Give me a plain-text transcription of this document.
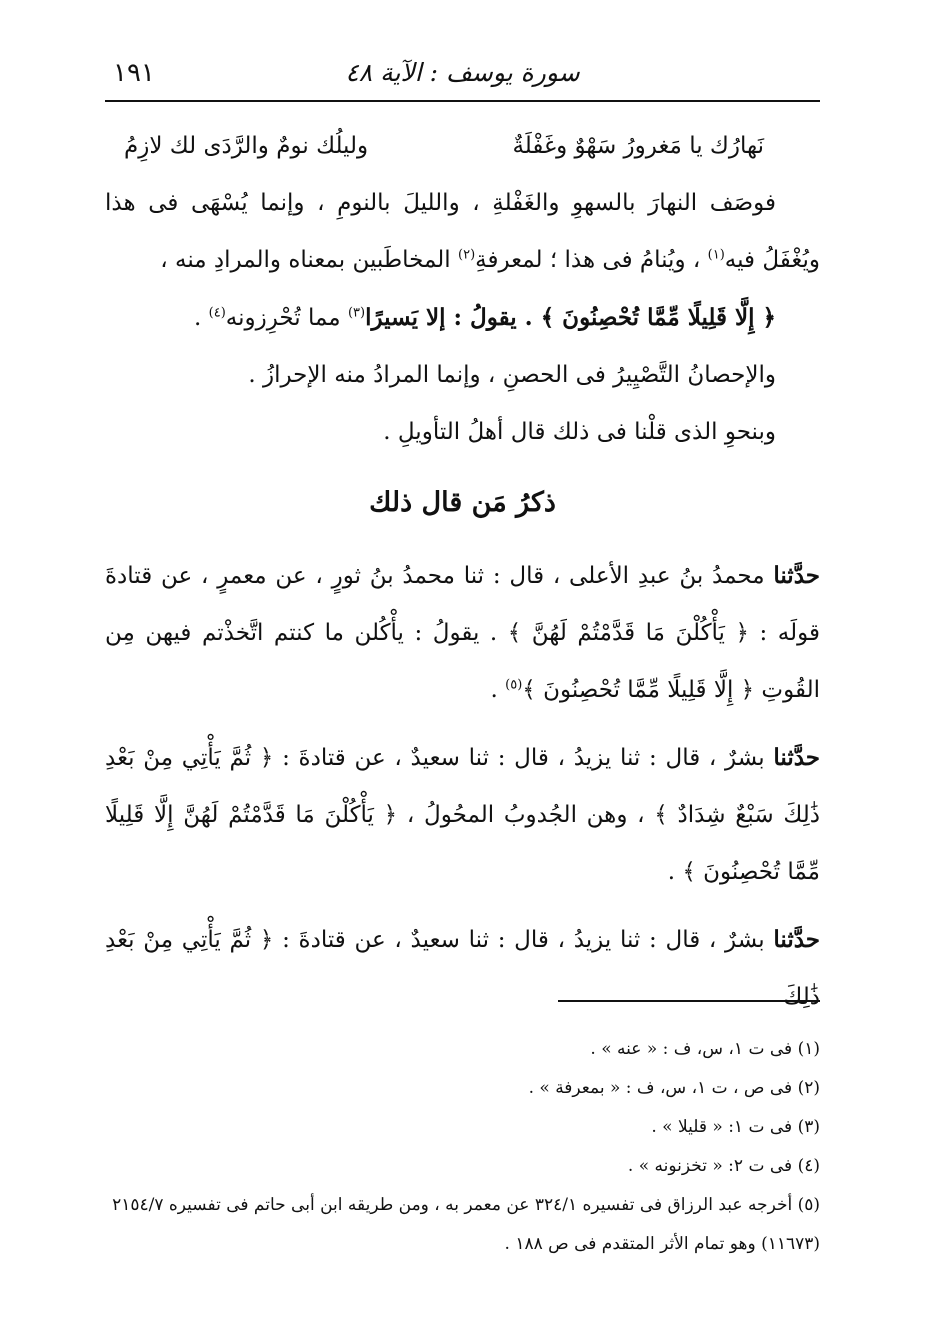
١٩١	سورة يوسف : الآية ٤٨
نَهارُك يا مَغرورُ سَهْوٌ وغَفْلَةٌ
وليلُك نومٌ والرَّدَى لك لازِمُ

فوصَف النهارَ بالسهوِ والغَفْلةِ ، والليلَ بالنومِ ، وإنما يُسْهَى فى هذا ويُغْفَلُ فيه$^{(١)}$ ، ويُنامُ فى هذا ؛ لمعرفةِ$^{(٢)}$ المخاطَبين بمعناه والمرادِ منه ،

﴿ إِلَّا قَلِيلًا مِّمَّا تُحْصِنُونَ ﴾ . يقولُ : إلا يَسيرًا$^{(٣)}$ مما تُحْرِزونه$^{(٤)}$ .

والإحصانُ التَّصْيِيرُ فى الحصنِ ، وإنما المرادُ منه الإحرازُ .

وبنحوِ الذى قلْنا فى ذلك قال أهلُ التأويلِ .

ذكرُ مَن قال ذلك

حدَّثنا محمدُ بنُ عبدِ الأعلى ، قال : ثنا محمدُ بنُ ثورٍ ، عن معمرٍ ، عن قتادةَ قولَه : ﴿ يَأْكُلْنَ مَا قَدَّمْتُمْ لَهُنَّ ﴾ . يقولُ : يأْكُلن ما كنتم اتَّخذْتم فيهن مِن القُوتِ ﴿ إِلَّا قَلِيلًا مِّمَّا تُحْصِنُونَ ﴾$^{(٥)}$ .

حدَّثنا بشرٌ ، قال : ثنا يزيدُ ، قال : ثنا سعيدٌ ، عن قتادةَ : ﴿ ثُمَّ يَأْتِي مِنْ بَعْدِ ذَٰلِكَ سَبْعٌ شِدَادٌ ﴾ ، وهن الجُدوبُ المحُولُ ، ﴿ يَأْكُلْنَ مَا قَدَّمْتُمْ لَهُنَّ إِلَّا قَلِيلًا مِّمَّا تُحْصِنُونَ ﴾ .

حدَّثنا بشرٌ ، قال : ثنا يزيدُ ، قال : ثنا سعيدٌ ، عن قتادةَ : ﴿ ثُمَّ يَأْتِي مِنْ بَعْدِ ذَٰلِكَ

(١) فى ت ١، س، ف : « عنه » .

(٢) فى ص ، ت ١، س، ف : « بمعرفة » .

(٣) فى ت ١: « قليلا » .

(٤) فى ت ٢: « تخزنونه » .

(٥) أخرجه عبد الرزاق فى تفسيره ٣٢٤/١ عن معمر به ، ومن طريقه ابن أبى حاتم فى تفسيره ٢١٥٤/٧ (١١٦٧٣) وهو تمام الأثر المتقدم فى ص ١٨٨ .
